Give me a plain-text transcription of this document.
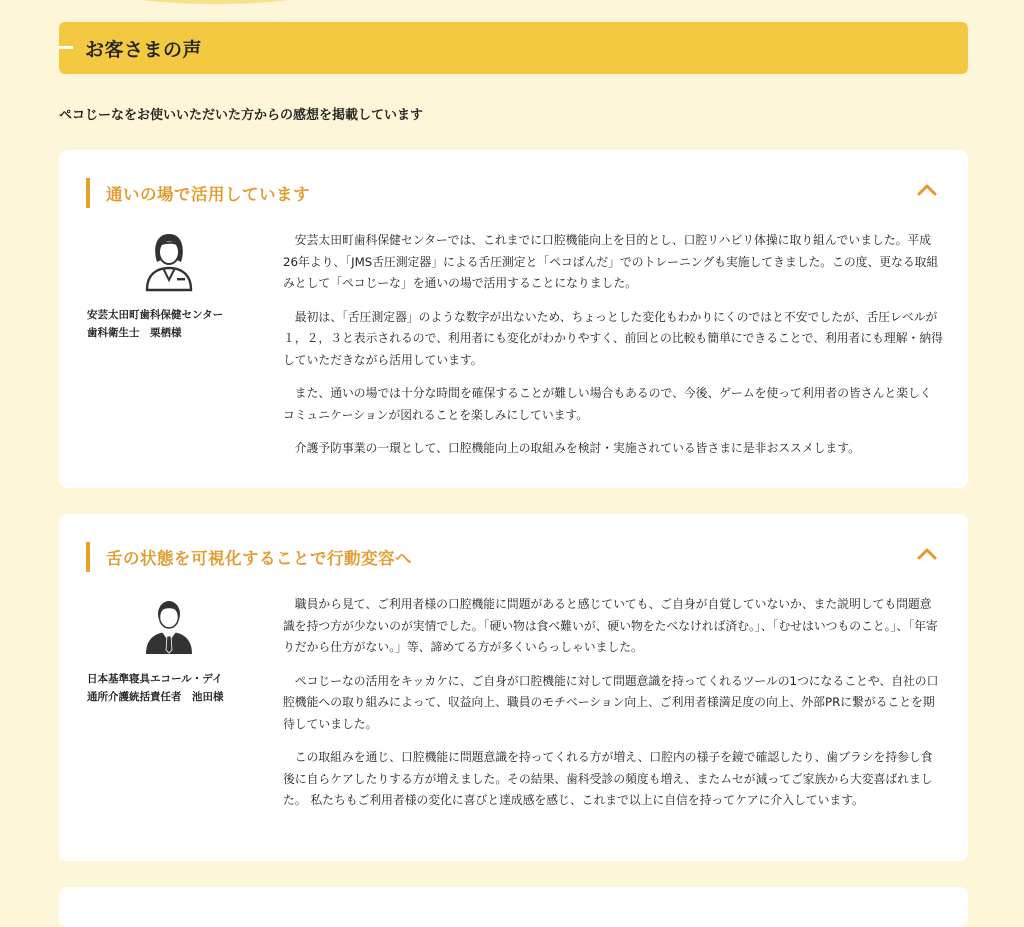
お客さまの声

ペコじーなをお使いいただいた方からの感想を掲載しています

通いの場で活用しています
安芸太田町歯科保健センター
歯科衛生士　栗栖様

安芸太田町歯科保健センターでは、これまでに口腔機能向上を目的とし、口腔リハビリ体操に取り組んでいました。平成26年より、「JMS舌圧測定器」による舌圧測定と「ペコぱんだ」でのトレーニングも実施してきました。この度、更なる取組みとして「ペコじーな」を通いの場で活用することになりました。

最初は、「舌圧測定器」のような数字が出ないため、ちょっとした変化もわかりにくのではと不安でしたが、舌圧レベルが１，２，３と表示されるので、利用者にも変化がわかりやすく、前回との比較も簡単にできることで、利用者にも理解・納得していただきながら活用しています。

また、通いの場では十分な時間を確保することが難しい場合もあるので、今後、ゲームを使って利用者の皆さんと楽しくコミュニケーションが図れることを楽しみにしています。

介護予防事業の一環として、口腔機能向上の取組みを検討・実施されている皆さまに是非おススメします。

舌の状態を可視化することで行動変容へ
日本基準寝具エコール・デイ
通所介護統括責任者　池田様

職員から見て、ご利用者様の口腔機能に問題があると感じていても、ご自身が自覚していないか、また説明しても問題意識を持つ方が少ないのが実情でした。「硬い物は食べ難いが、硬い物をたべなければ済む。」、「むせはいつものこと。」、「年寄りだから仕方がない。」等、諦めてる方が多くいらっしゃいました。

ペコじーなの活用をキッカケに、ご自身が口腔機能に対して問題意識を持ってくれるツールの1つになることや、自社の口腔機能への取り組みによって、収益向上、職員のモチベーション向上、ご利用者様満足度の向上、外部PRに繋がることを期待していました。

この取組みを通じ、口腔機能に問題意識を持ってくれる方が増え、口腔内の様子を鏡で確認したり、歯ブラシを持参し食後に自らケアしたりする方が増えました。その結果、歯科受診の頻度も増え、またムセが減ってご家族から大変喜ばれました。 私たちもご利用者様の変化に喜びと達成感を感じ、これまで以上に自信を持ってケアに介入しています。
